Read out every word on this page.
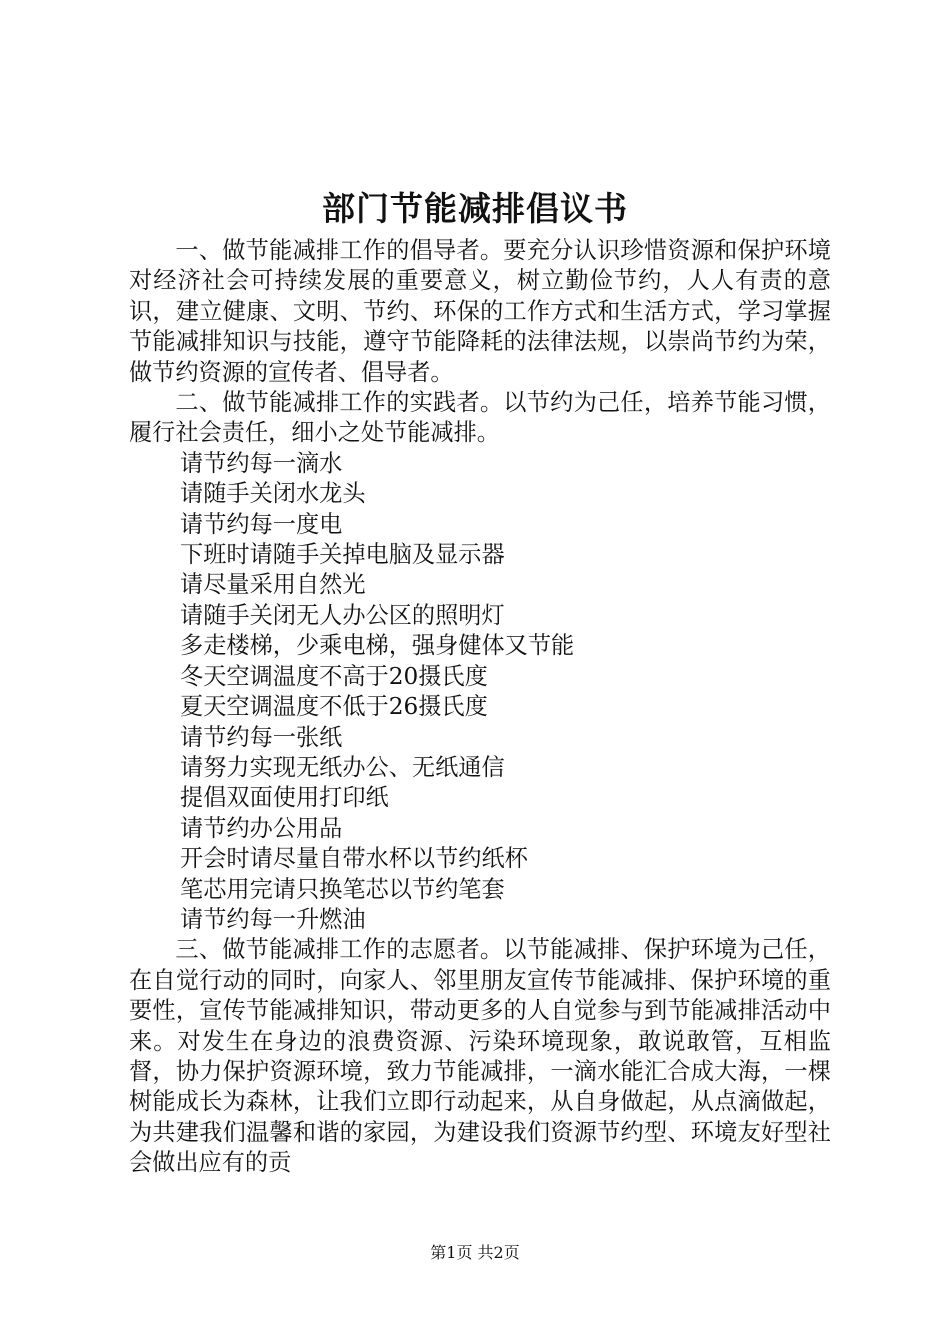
部门节能减排倡议书

一、做节能减排工作的倡导者。要充分认识珍惜资源和保护环境对经济社会可持续发展的重要意义，树立勤俭节约，人人有责的意识，建立健康、文明、节约、环保的工作方式和生活方式，学习掌握节能减排知识与技能，遵守节能降耗的法律法规，以崇尚节约为荣，做节约资源的宣传者、倡导者。

二、做节能减排工作的实践者。以节约为己任，培养节能习惯，履行社会责任，细小之处节能减排。

请节约每一滴水

请随手关闭水龙头

请节约每一度电

下班时请随手关掉电脑及显示器

请尽量采用自然光

请随手关闭无人办公区的照明灯

多走楼梯，少乘电梯，强身健体又节能

冬天空调温度不高于20摄氏度

夏天空调温度不低于26摄氏度

请节约每一张纸

请努力实现无纸办公、无纸通信

提倡双面使用打印纸

请节约办公用品

开会时请尽量自带水杯以节约纸杯

笔芯用完请只换笔芯以节约笔套

请节约每一升燃油

三、做节能减排工作的志愿者。以节能减排、保护环境为己任，在自觉行动的同时，向家人、邻里朋友宣传节能减排、保护环境的重要性，宣传节能减排知识，带动更多的人自觉参与到节能减排活动中来。对发生在身边的浪费资源、污染环境现象，敢说敢管，互相监督，协力保护资源环境，致力节能减排，一滴水能汇合成大海，一棵树能成长为森林，让我们立即行动起来，从自身做起，从点滴做起，为共建我们温馨和谐的家园，为建设我们资源节约型、环境友好型社会做出应有的贡

第1页 共2页
